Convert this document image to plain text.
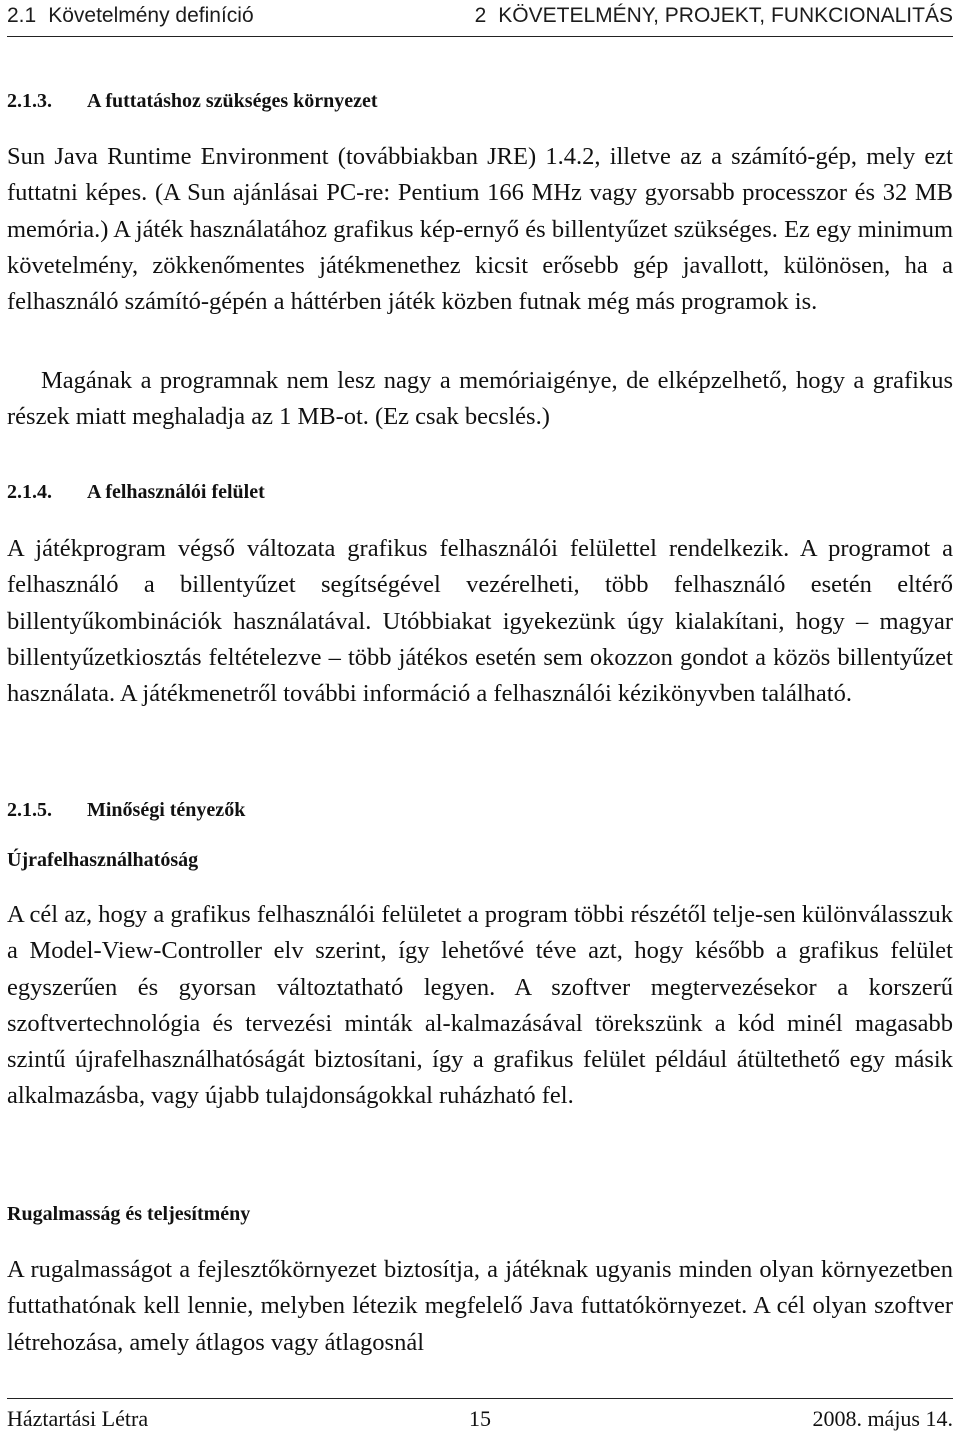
2.1 Követelmény definíció	2 KÖVETELMÉNY, PROJEKT, FUNKCIONALITÁS
2.1.3. A futtatáshoz szükséges környezet

Sun Java Runtime Environment (továbbiakban JRE) 1.4.2, illetve az a számító-gép, mely ezt futtatni képes. (A Sun ajánlásai PC-re: Pentium 166 MHz vagy gyorsabb processzor és 32 MB memória.) A játék használatához grafikus kép-ernyő és billentyűzet szükséges. Ez egy minimum követelmény, zökkenőmentes játékmenethez kicsit erősebb gép javallott, különösen, ha a felhasználó számító-gépén a háttérben játék közben futnak még más programok is.

Magának a programnak nem lesz nagy a memóriaigénye, de elképzelhető, hogy a grafikus részek miatt meghaladja az 1 MB-ot. (Ez csak becslés.)

2.1.4. A felhasználói felület

A játékprogram végső változata grafikus felhasználói felülettel rendelkezik. A programot a felhasználó a billentyűzet segítségével vezérelheti, több felhasználó esetén eltérő billentyűkombinációk használatával. Utóbbiakat igyekezünk úgy kialakítani, hogy – magyar billentyűzetkiosztás feltételezve – több játékos esetén sem okozzon gondot a közös billentyűzet használata. A játékmenetről további információ a felhasználói kézikönyvben található.

2.1.5. Minőségi tényezők
Újrafelhasználhatóság

A cél az, hogy a grafikus felhasználói felületet a program többi részétől telje-sen különválasszuk a Model-View-Controller elv szerint, így lehetővé téve azt, hogy később a grafikus felület egyszerűen és gyorsan változtatható legyen. A szoftver megtervezésekor a korszerű szoftvertechnológia és tervezési minták al-kalmazásával törekszünk a kód minél magasabb szintű újrafelhasználhatóságát biztosítani, így a grafikus felület például átültethető egy másik alkalmazásba, vagy újabb tulajdonságokkal ruházható fel.

Rugalmasság és teljesítmény

A rugalmasságot a fejlesztőkörnyezet biztosítja, a játéknak ugyanis minden olyan környezetben futtathatónak kell lennie, melyben létezik megfelelő Java futtatókörnyezet. A cél olyan szoftver létrehozása, amely átlagos vagy átlagosnál

Háztartási Létra	15	2008. május 14.
